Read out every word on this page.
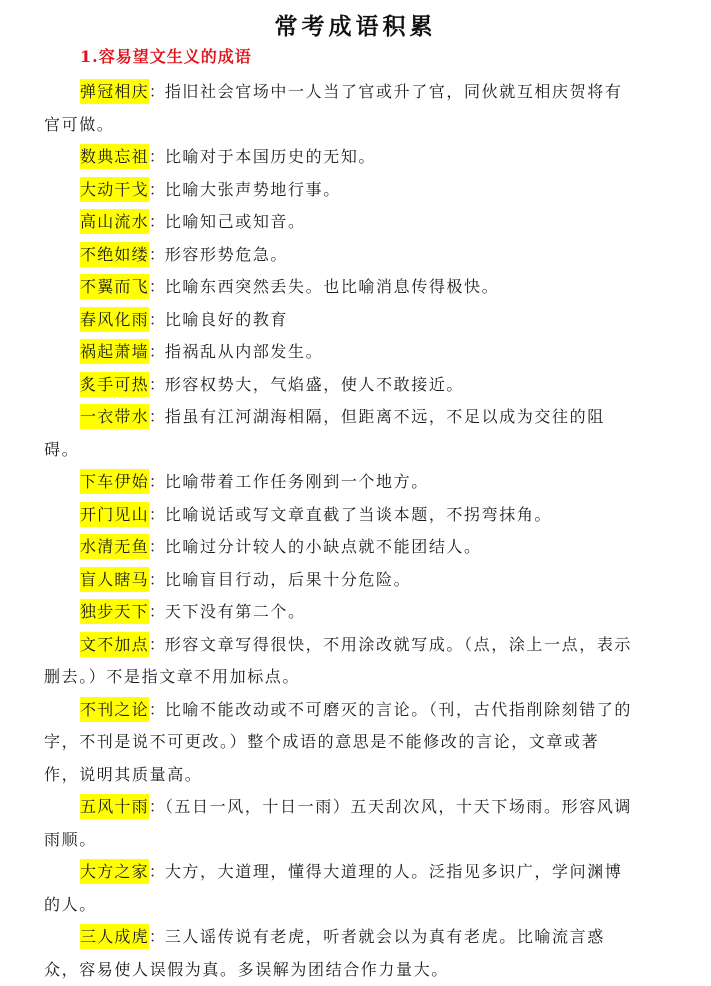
常考成语积累
1.容易望文生义的成语

弹冠相庆：指旧社会官场中一人当了官或升了官，同伙就互相庆贺将有官可做。

数典忘祖：比喻对于本国历史的无知。

大动干戈：比喻大张声势地行事。

高山流水：比喻知己或知音。

不绝如缕：形容形势危急。

不翼而飞：比喻东西突然丢失。也比喻消息传得极快。

春风化雨：比喻良好的教育

祸起萧墙：指祸乱从内部发生。

炙手可热：形容权势大，气焰盛，使人不敢接近。

一衣带水：指虽有江河湖海相隔，但距离不远，不足以成为交往的阻碍。

下车伊始：比喻带着工作任务刚到一个地方。

开门见山：比喻说话或写文章直截了当谈本题，不拐弯抹角。

水清无鱼：比喻过分计较人的小缺点就不能团结人。

盲人瞎马：比喻盲目行动，后果十分危险。

独步天下：天下没有第二个。

文不加点：形容文章写得很快，不用涂改就写成。（点，涂上一点，表示删去。）不是指文章不用加标点。

不刊之论：比喻不能改动或不可磨灭的言论。（刊，古代指削除刻错了的字，不刊是说不可更改。）整个成语的意思是不能修改的言论，文章或著作，说明其质量高。

五风十雨：（五日一风，十日一雨）五天刮次风，十天下场雨。形容风调雨顺。

大方之家：大方，大道理，懂得大道理的人。泛指见多识广，学问渊博的人。

三人成虎：三人谣传说有老虎，听者就会以为真有老虎。比喻流言惑众，容易使人误假为真。多误解为团结合作力量大。
